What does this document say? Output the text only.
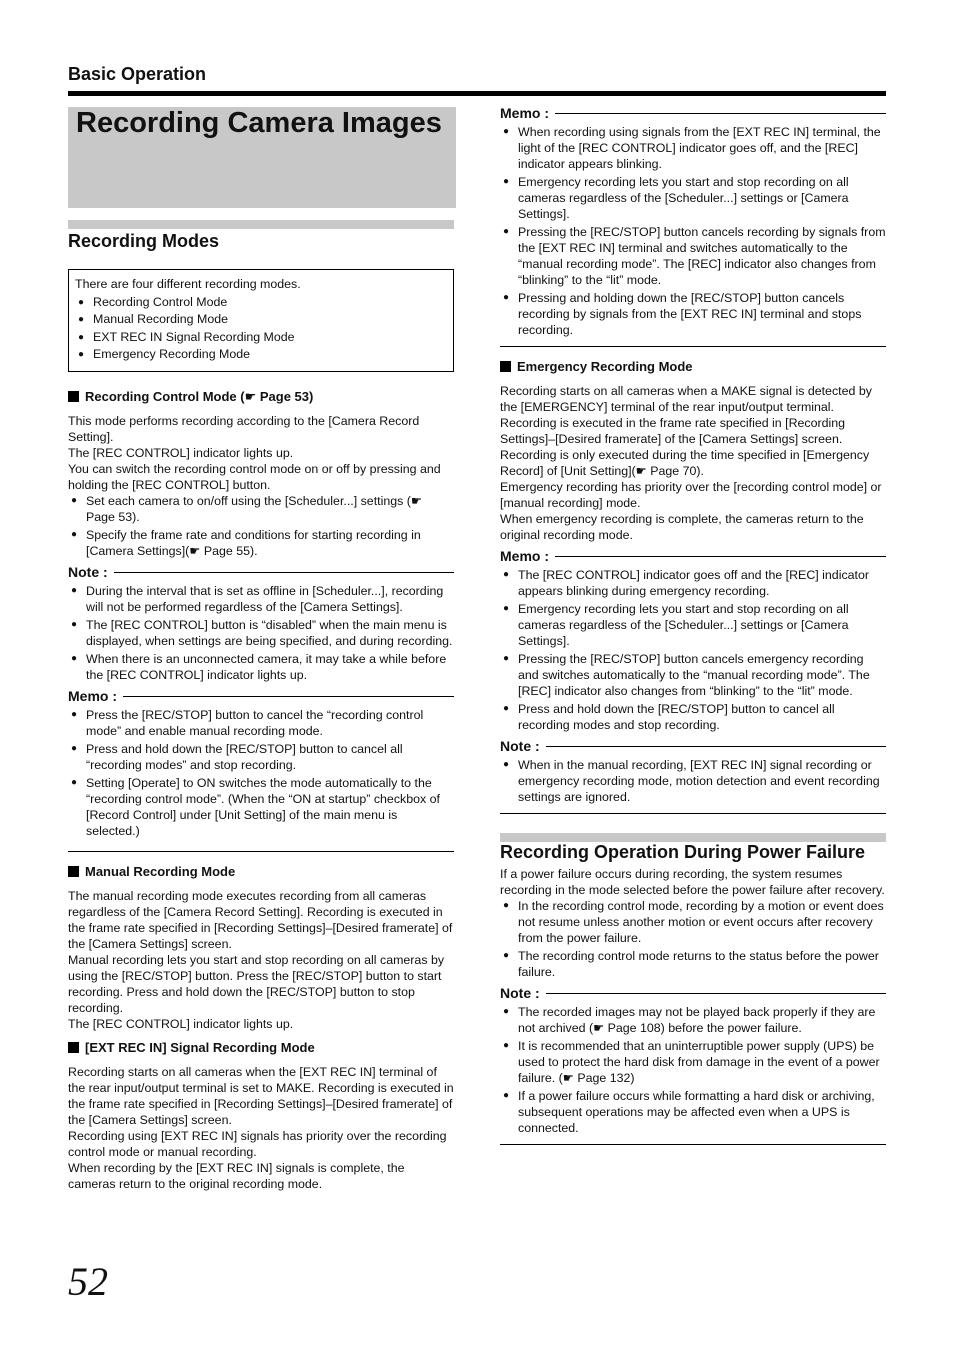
Basic Operation
Recording Camera Images
Recording Modes

There are four different recording modes.

● Recording Control Mode
● Manual Recording Mode
● EXT REC IN Signal Recording Mode
● Emergency Recording Mode

Recording Control Mode (☛ Page 53)

This mode performs recording according to the [Camera Record Setting].

The [REC CONTROL] indicator lights up.

You can switch the recording control mode on or off by pressing and holding the [REC CONTROL] button.

● Set each camera to on/off using the [Scheduler...] settings (☛ Page 53).
● Specify the frame rate and conditions for starting recording in [Camera Settings](☛ Page 55).
Note :
● During the interval that is set as offline in [Scheduler...], recording will not be performed regardless of the [Camera Settings].
● The [REC CONTROL] button is “disabled” when the main menu is displayed, when settings are being specified, and during recording.
● When there is an unconnected camera, it may take a while before the [REC CONTROL] indicator lights up.
Memo :
● Press the [REC/STOP] button to cancel the “recording control mode” and enable manual recording mode.
● Press and hold down the [REC/STOP] button to cancel all “recording modes” and stop recording.
● Setting [Operate] to ON switches the mode automatically to the “recording control mode”. (When the “ON at startup” checkbox of [Record Control] under [Unit Setting] of the main menu is selected.)

Manual Recording Mode

The manual recording mode executes recording from all cameras regardless of the [Camera Record Setting]. Recording is executed in the frame rate specified in [Recording Settings]–[Desired framerate] of the [Camera Settings] screen.

Manual recording lets you start and stop recording on all cameras by using the [REC/STOP] button. Press the [REC/STOP] button to start recording. Press and hold down the [REC/STOP] button to stop recording.

The [REC CONTROL] indicator lights up.

[EXT REC IN] Signal Recording Mode

Recording starts on all cameras when the [EXT REC IN] terminal of the rear input/output terminal is set to MAKE. Recording is executed in the frame rate specified in [Recording Settings]–[Desired framerate] of the [Camera Settings] screen.

Recording using [EXT REC IN] signals has priority over the recording control mode or manual recording.

When recording by the [EXT REC IN] signals is complete, the cameras return to the original recording mode.

Memo :
● When recording using signals from the [EXT REC IN] terminal, the light of the [REC CONTROL] indicator goes off, and the [REC] indicator appears blinking.
● Emergency recording lets you start and stop recording on all cameras regardless of the [Scheduler...] settings or [Camera Settings].
● Pressing the [REC/STOP] button cancels recording by signals from the [EXT REC IN] terminal and switches automatically to the “manual recording mode”. The [REC] indicator also changes from “blinking” to the “lit” mode.
● Pressing and holding down the [REC/STOP] button cancels recording by signals from the [EXT REC IN] terminal and stops recording.

Emergency Recording Mode

Recording starts on all cameras when a MAKE signal is detected by the [EMERGENCY] terminal of the rear input/output terminal.

Recording is executed in the frame rate specified in [Recording Settings]–[Desired framerate] of the [Camera Settings] screen.

Recording is only executed during the time specified in [Emergency Record] of [Unit Setting](☛ Page 70).

Emergency recording has priority over the [recording control mode] or [manual recording] mode.

When emergency recording is complete, the cameras return to the original recording mode.

Memo :
● The [REC CONTROL] indicator goes off and the [REC] indicator appears blinking during emergency recording.
● Emergency recording lets you start and stop recording on all cameras regardless of the [Scheduler...] settings or [Camera Settings].
● Pressing the [REC/STOP] button cancels emergency recording and switches automatically to the “manual recording mode”. The [REC] indicator also changes from “blinking” to the “lit” mode.
● Press and hold down the [REC/STOP] button to cancel all recording modes and stop recording.
Note :
● When in the manual recording, [EXT REC IN] signal recording or emergency recording mode, motion detection and event recording settings are ignored.
Recording Operation During Power Failure

If a power failure occurs during recording, the system resumes recording in the mode selected before the power failure after recovery.

● In the recording control mode, recording by a motion or event does not resume unless another motion or event occurs after recovery from the power failure.
● The recording control mode returns to the status before the power failure.
Note :
● The recorded images may not be played back properly if they are not archived (☛ Page 108) before the power failure.
● It is recommended that an uninterruptible power supply (UPS) be used to protect the hard disk from damage in the event of a power failure. (☛ Page 132)
● If a power failure occurs while formatting a hard disk or archiving, subsequent operations may be affected even when a UPS is connected.
52
